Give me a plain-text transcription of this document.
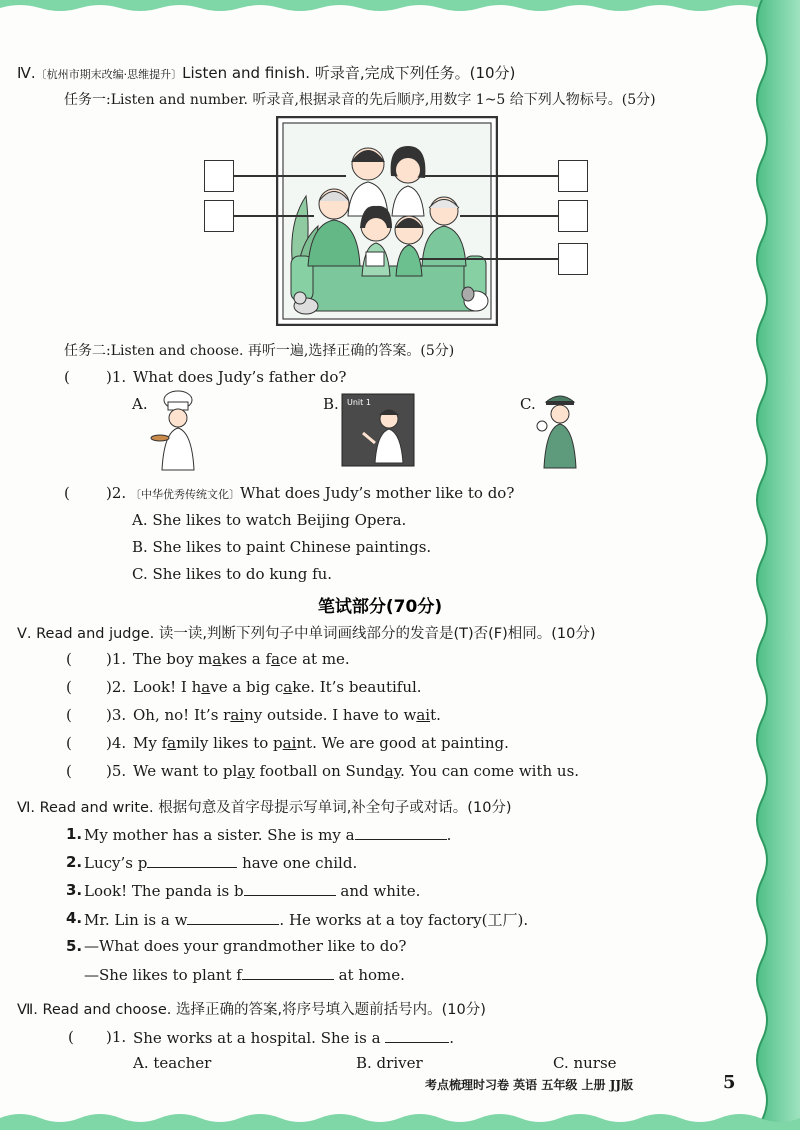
Ⅳ.〔杭州市期末改编·思维提升〕Listen and finish. 听录音,完成下列任务。(10分)
任务一:Listen and number. 听录音,根据录音的先后顺序,用数字 1~5 给下列人物标号。(5分)
任务二:Listen and choose. 再听一遍,选择正确的答案。(5分)
( )1. What does Judy’s father do?
A.	B.	C.
Unit 1
( )2. 〔中华优秀传统文化〕What does Judy’s mother like to do?
A. She likes to watch Beijing Opera.
B. She likes to paint Chinese paintings.
C. She likes to do kung fu.
笔试部分(70分)
Ⅴ. Read and judge. 读一读,判断下列句子中单词画线部分的发音是(T)否(F)相同。(10分)
( )1. The boy makes a face at me.
( )2. Look! I have a big cake. It’s beautiful.
( )3. Oh, no! It’s rainy outside. I have to wait.
( )4. My family likes to paint. We are good at painting.
( )5. We want to play football on Sunday. You can come with us.
Ⅵ. Read and write. 根据句意及首字母提示写单词,补全句子或对话。(10分)
1. My mother has a sister. She is my a	.
2. Lucy’s p	have one child.
3. Look! The panda is b	and white.
4. Mr. Lin is a w	. He works at a toy factory(工厂).
5. —What does your grandmother like to do?
—She likes to plant f	at home.
Ⅶ. Read and choose. 选择正确的答案,将序号填入题前括号内。(10分)
( )1. She works at a hospital. She is a	.
A. teacher	B. driver	C. nurse
考点梳理时习卷 英语 五年级 上册 JJ版	5
